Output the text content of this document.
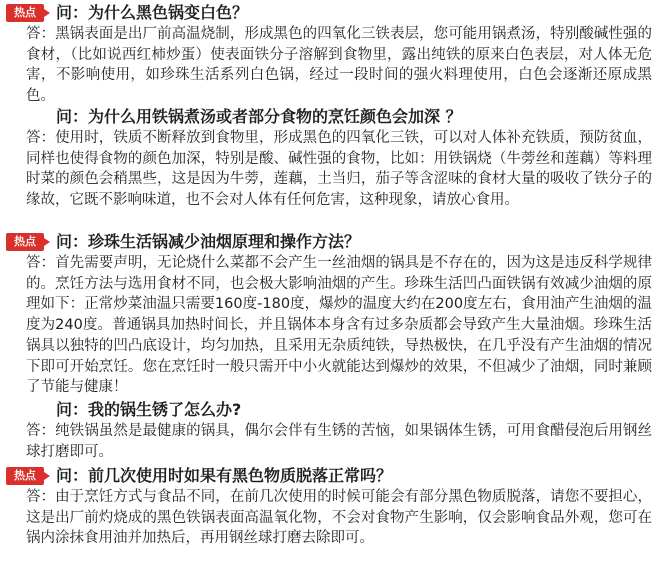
热点	问：为什么黑色锅变白色？
答：黑锅表面是出厂前高温烧制，形成黑色的四氧化三铁表层，您可能用锅煮汤，特别酸碱性强的食材，（比如说西红柿炒蛋）使表面铁分子溶解到食物里，露出纯铁的原来白色表层，对人体无危害，不影响使用，如珍珠生活系列白色锅，经过一段时间的强火料理使用，白色会逐渐还原成黑色。
问：为什么用铁锅煮汤或者部分食物的烹饪颜色会加深 ？
答：使用时，铁质不断释放到食物里，形成黑色的四氧化三铁，可以对人体补充铁质，预防贫血，同样也使得食物的颜色加深，特别是酸、碱性强的食物，比如：用铁锅烧（牛蒡丝和莲藕）等料理时菜的颜色会稍黑些，这是因为牛蒡，莲藕，土当归，茄子等含涩味的食材大量的吸收了铁分子的缘故，它既不影响味道，也不会对人体有任何危害，这种现象，请放心食用。
热点	问：珍珠生活锅减少油烟原理和操作方法？
答：首先需要声明，无论烧什么菜都不会产生一丝油烟的锅具是不存在的，因为这是违反科学规律的。烹饪方法与选用食材不同，也会极大影响油烟的产生。珍珠生活凹凸面铁锅有效减少油烟的原理如下：正常炒菜油温只需要160度-180度，爆炒的温度大约在200度左右，食用油产生油烟的温度为240度。普通锅具加热时间长，并且锅体本身含有过多杂质都会导致产生大量油烟。珍珠生活锅具以独特的凹凸底设计，均匀加热，且采用无杂质纯铁，导热极快，在几乎没有产生油烟的情况下即可开始烹饪。您在烹饪时一般只需开中小火就能达到爆炒的效果，不但减少了油烟，同时兼顾了节能与健康！
问：我的锅生锈了怎么办?
答：纯铁锅虽然是最健康的锅具，偶尔会伴有生锈的苦恼，如果锅体生锈，可用食醋侵泡后用钢丝球打磨即可。
热点	问：前几次使用时如果有黑色物质脱落正常吗？
答：由于烹饪方式与食品不同，在前几次使用的时候可能会有部分黑色物质脱落，请您不要担心，这是出厂前灼烧成的黑色铁锅表面高温氧化物，不会对食物产生影响，仅会影响食品外观，您可在锅内涂抹食用油并加热后，再用钢丝球打磨去除即可。
